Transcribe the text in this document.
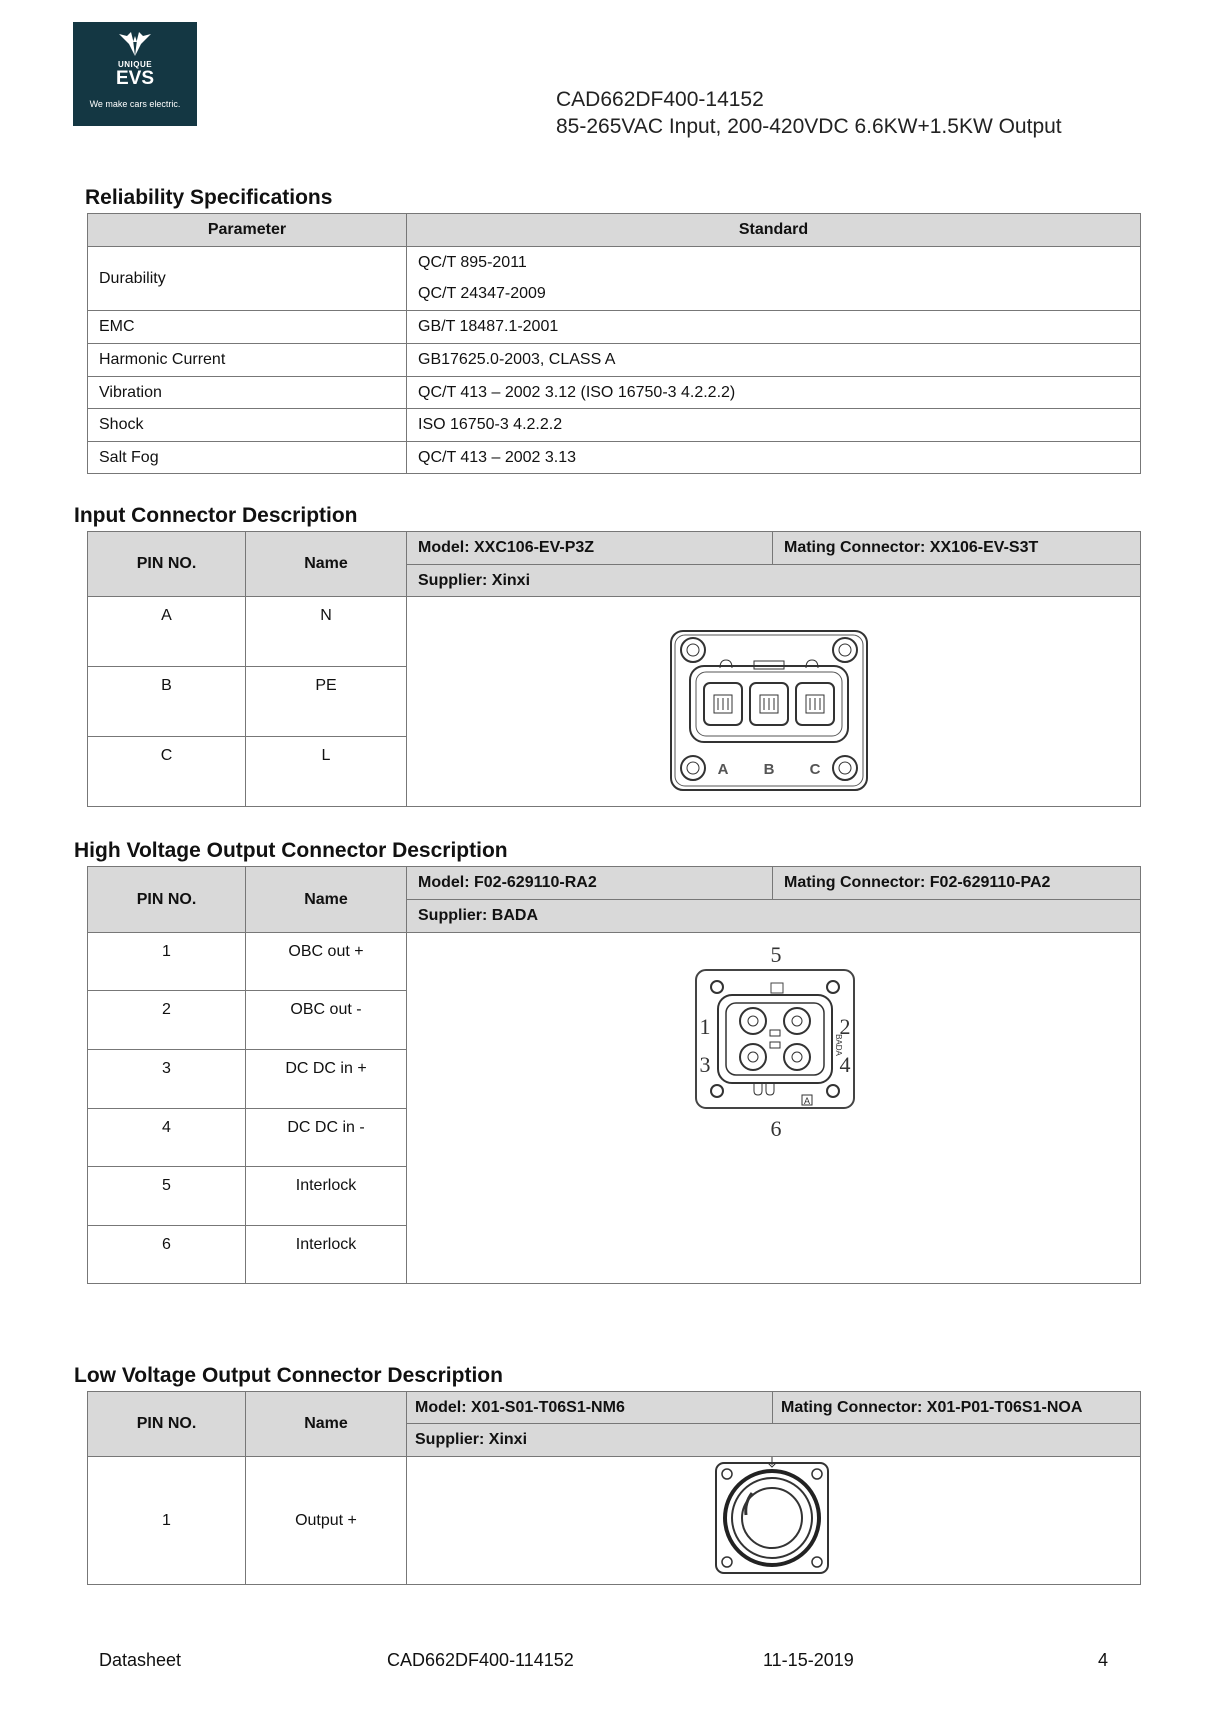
UNIQUE
EVS
We make cars electric.	CAD662DF400-14152
85-265VAC Input, 200-420VDC 6.6KW+1.5KW Output
Reliability Specifications
Parameter	Standard
Durability	QC/T 895-2011
	QC/T 24347-2009
EMC	GB/T 18487.1-2001
Harmonic Current	GB17625.0-2003, CLASS A
Vibration	QC/T 413 – 2002 3.12 (ISO 16750-3 4.2.2.2)
Shock	ISO 16750-3 4.2.2.2
Salt Fog	QC/T 413 – 2002 3.13
Input Connector Description
PIN NO.	Name	Model: XXC106-EV-P3Z	Mating Connector: XX106-EV-S3T
		Supplier: Xinxi	
A	N		
B	PE		
C	L		
A B C
High Voltage Output Connector Description
PIN NO.	Name	Model: F02-629110-RA2	Mating Connector: F02-629110-PA2
		Supplier: BADA	
1	OBC out +		
2	OBC out -		
3	DC DC in +		
4	DC DC in -		
5	Interlock		
6	Interlock		
5
1	2
3	4
BADA
A
6
Low Voltage Output Connector Description
PIN NO.	Name	Model: X01-S01-T06S1-NM6	Mating Connector: X01-P01-T06S1-NOA
		Supplier: Xinxi	
1	Output +		
Datasheet	CAD662DF400-114152	11-15-2019	4
